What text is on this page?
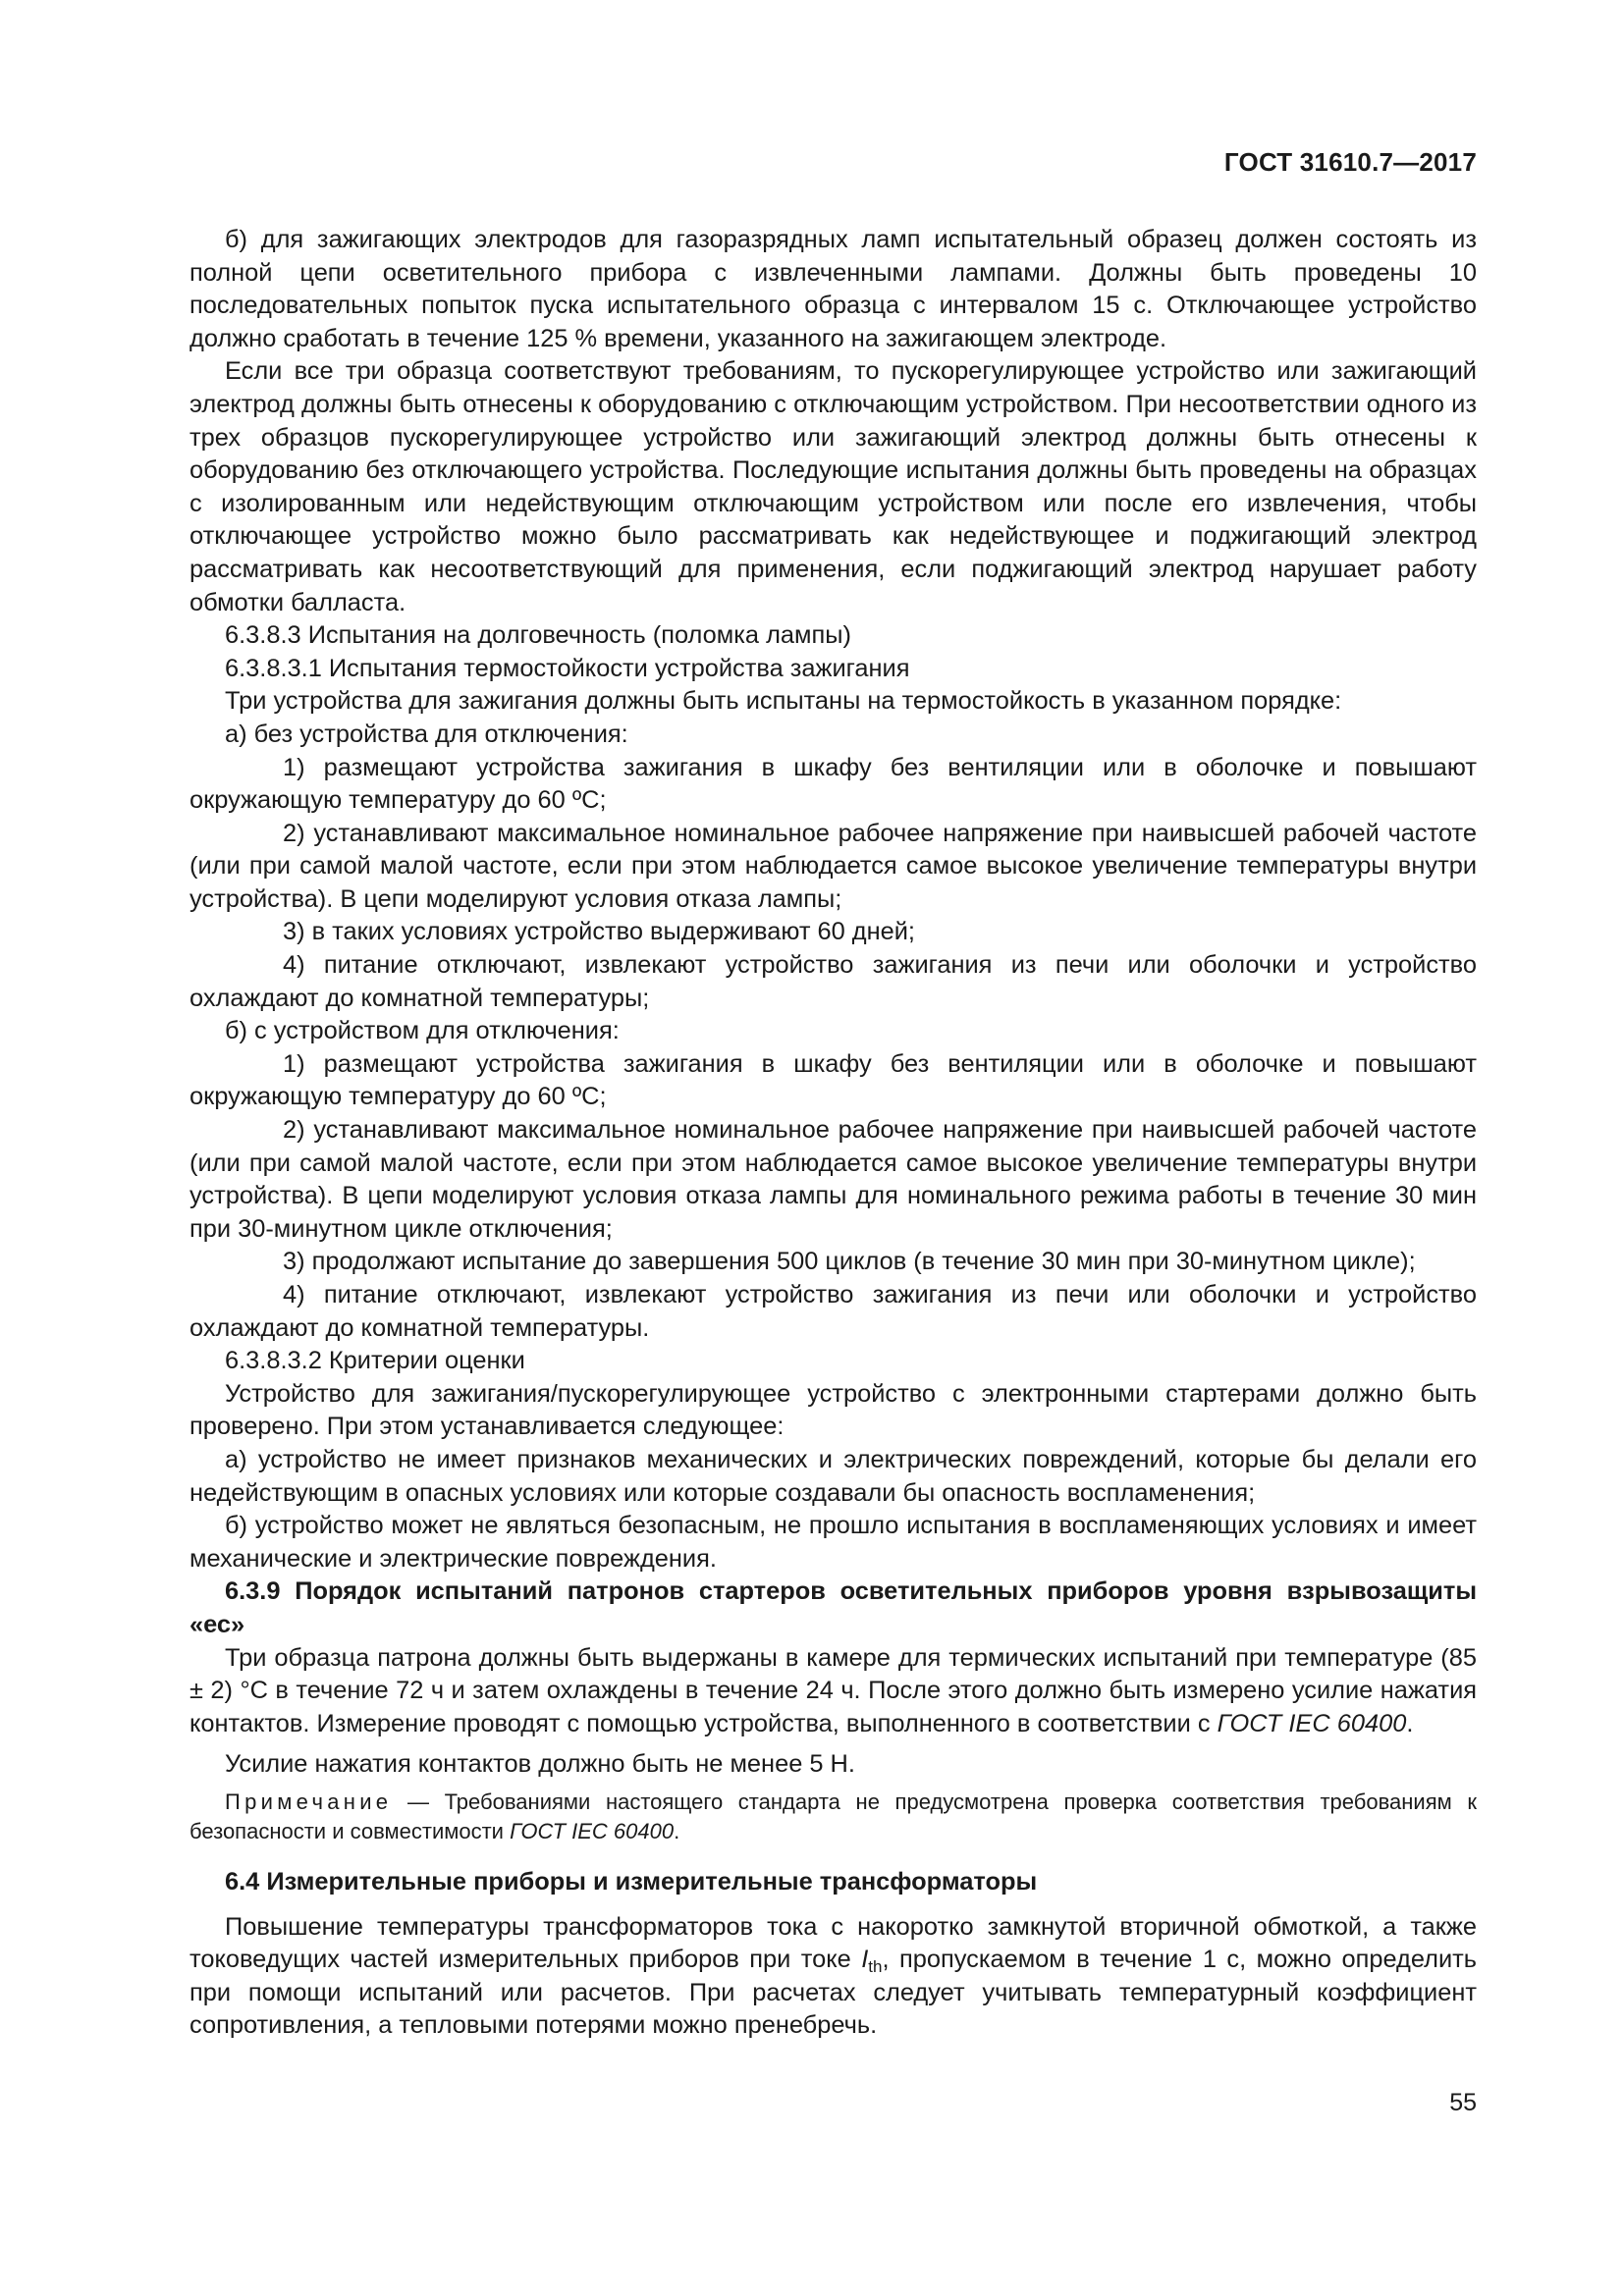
ГОСТ 31610.7—2017

б) для зажигающих электродов для газоразрядных ламп испытательный образец должен состоять из полной цепи осветительного прибора с извлеченными лампами. Должны быть проведены 10 последовательных попыток пуска испытательного образца с интервалом 15 с. Отключающее устройство должно сработать в течение 125 % времени, указанного на зажигающем электроде.

Если все три образца соответствуют требованиям, то пускорегулирующее устройство или зажигающий электрод должны быть отнесены к оборудованию с отключающим устройством. При несоответствии одного из трех образцов пускорегулирующее устройство или зажигающий электрод должны быть отнесены к оборудованию без отключающего устройства. Последующие испытания должны быть проведены на образцах с изолированным или недействующим отключающим устройством или после его извлечения, чтобы отключающее устройство можно было рассматривать как недействующее и поджигающий электрод рассматривать как несоответствующий для применения, если поджигающий электрод нарушает работу обмотки балласта.

6.3.8.3 Испытания на долговечность (поломка лампы)

6.3.8.3.1 Испытания термостойкости устройства зажигания

Три устройства для зажигания должны быть испытаны на термостойкость в указанном порядке:

а) без устройства для отключения:

1) размещают устройства зажигания в шкафу без вентиляции или в оболочке и повышают окружающую температуру до 60 ºС;

2) устанавливают максимальное номинальное рабочее напряжение при наивысшей рабочей частоте (или при самой малой частоте, если при этом наблюдается самое высокое увеличение температуры внутри устройства). В цепи моделируют условия отказа лампы;

3) в таких условиях устройство выдерживают 60 дней;

4) питание отключают, извлекают устройство зажигания из печи или оболочки и устройство охлаждают до комнатной температуры;

б) с устройством для отключения:

1) размещают устройства зажигания в шкафу без вентиляции или в оболочке и повышают окружающую температуру до 60 ºС;

2) устанавливают максимальное номинальное рабочее напряжение при наивысшей рабочей частоте (или при самой малой частоте, если при этом наблюдается самое высокое увеличение температуры внутри устройства). В цепи моделируют условия отказа лампы для номинального режима работы в течение 30 мин при 30-минутном цикле отключения;

3) продолжают испытание до завершения 500 циклов (в течение 30 мин при 30-минутном цикле);

4) питание отключают, извлекают устройство зажигания из печи или оболочки и устройство охлаждают до комнатной температуры.

6.3.8.3.2 Критерии оценки

Устройство для зажигания/пускорегулирующее устройство с электронными стартерами должно быть проверено. При этом устанавливается следующее:

а) устройство не имеет признаков механических и электрических повреждений, которые бы делали его недействующим в опасных условиях или которые создавали бы опасность воспламенения;

б) устройство может не являться безопасным, не прошло испытания в воспламеняющих условиях и имеет механические и электрические повреждения.

6.3.9 Порядок испытаний патронов стартеров осветительных приборов уровня взрывозащиты «ес»

Три образца патрона должны быть выдержаны в камере для термических испытаний при температуре (85 ± 2) °С в течение 72 ч и затем охлаждены в течение 24 ч. После этого должно быть измерено усилие нажатия контактов. Измерение проводят с помощью устройства, выполненного в соответствии с ГОСТ IEC 60400.

Усилие нажатия контактов должно быть не менее 5 Н.

Примечание — Требованиями настоящего стандарта не предусмотрена проверка соответствия требованиям к безопасности и совместимости ГОСТ IEC 60400.

6.4 Измерительные приборы и измерительные трансформаторы

Повышение температуры трансформаторов тока с накоротко замкнутой вторичной обмоткой, а также токоведущих частей измерительных приборов при токе $I_{th}$, пропускаемом в течение 1 с, можно определить при помощи испытаний или расчетов. При расчетах следует учитывать температурный коэффициент сопротивления, а тепловыми потерями можно пренебречь.

55
